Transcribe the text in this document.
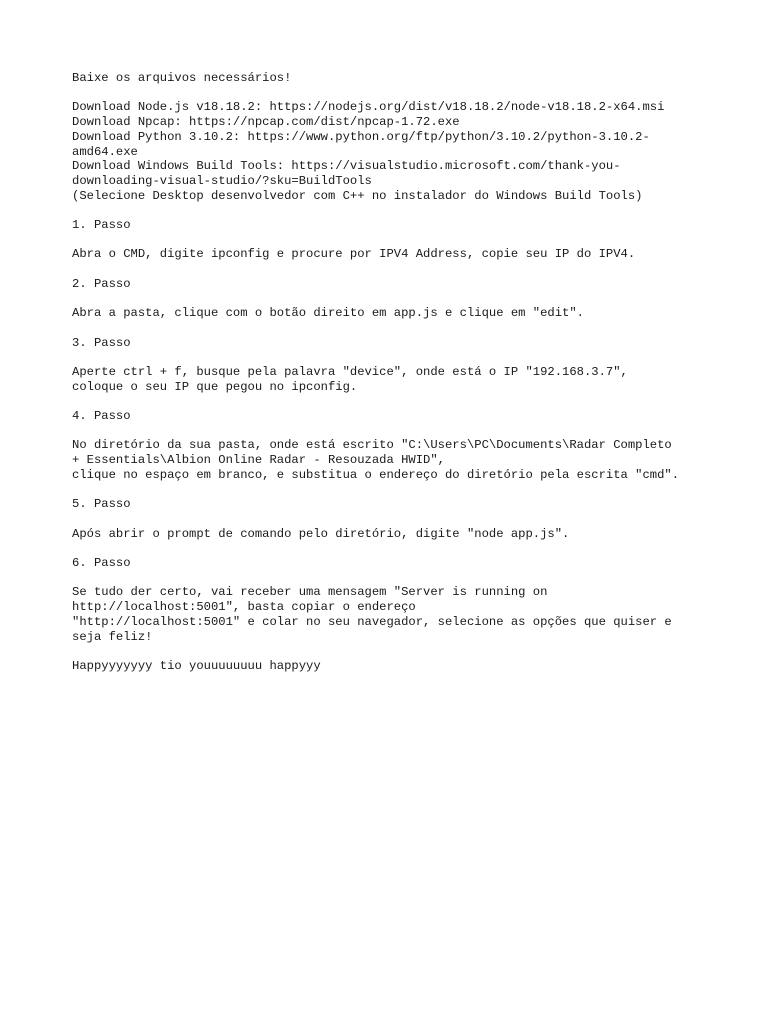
Baixe os arquivos necessários!
Download Node.js v18.18.2: https://nodejs.org/dist/v18.18.2/node-v18.18.2-x64.msi
Download Npcap: https://npcap.com/dist/npcap-1.72.exe
Download Python 3.10.2: https://www.python.org/ftp/python/3.10.2/python-3.10.2-
amd64.exe
Download Windows Build Tools: https://visualstudio.microsoft.com/thank-you-
downloading-visual-studio/?sku=BuildTools
(Selecione Desktop desenvolvedor com C++ no instalador do Windows Build Tools)
1. Passo
Abra o CMD, digite ipconfig e procure por IPV4 Address, copie seu IP do IPV4.
2. Passo
Abra a pasta, clique com o botão direito em app.js e clique em "edit".
3. Passo
Aperte ctrl + f, busque pela palavra "device", onde está o IP "192.168.3.7",
coloque o seu IP que pegou no ipconfig.
4. Passo
No diretório da sua pasta, onde está escrito "C:\Users\PC\Documents\Radar Completo
+ Essentials\Albion Online Radar - Resouzada HWID",
clique no espaço em branco, e substitua o endereço do diretório pela escrita "cmd".
5. Passo
Após abrir o prompt de comando pelo diretório, digite "node app.js".
6. Passo
Se tudo der certo, vai receber uma mensagem "Server is running on
http://localhost:5001", basta copiar o endereço
"http://localhost:5001" e colar no seu navegador, selecione as opções que quiser e
seja feliz!
Happyyyyyyy tio youuuuuuuu happyyy
